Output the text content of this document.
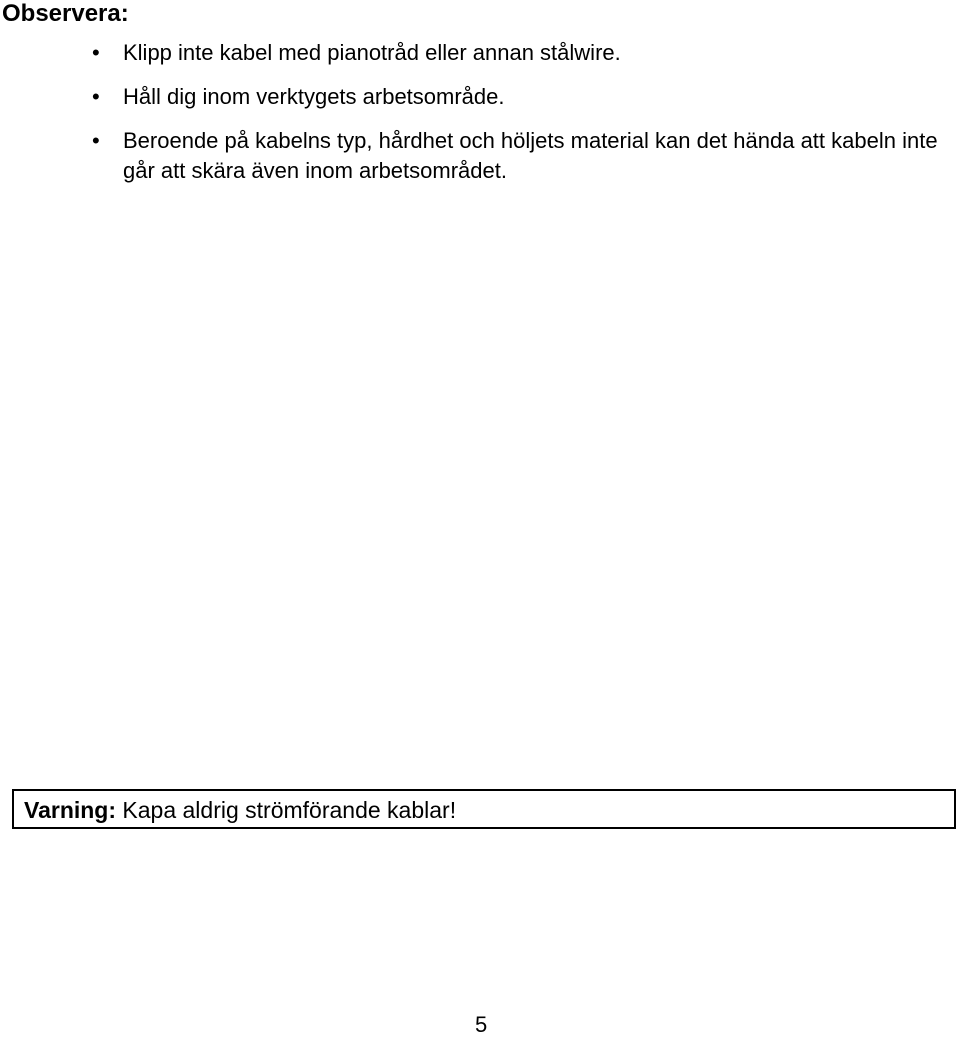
Observera:
• Klipp inte kabel med pianotråd eller annan stålwire.
• Håll dig inom verktygets arbetsområde.
• Beroende på kabelns typ, hårdhet och höljets material kan det hända att kabeln inte går att skära även inom arbetsområdet.
Varning: Kapa aldrig strömförande kablar!
5
